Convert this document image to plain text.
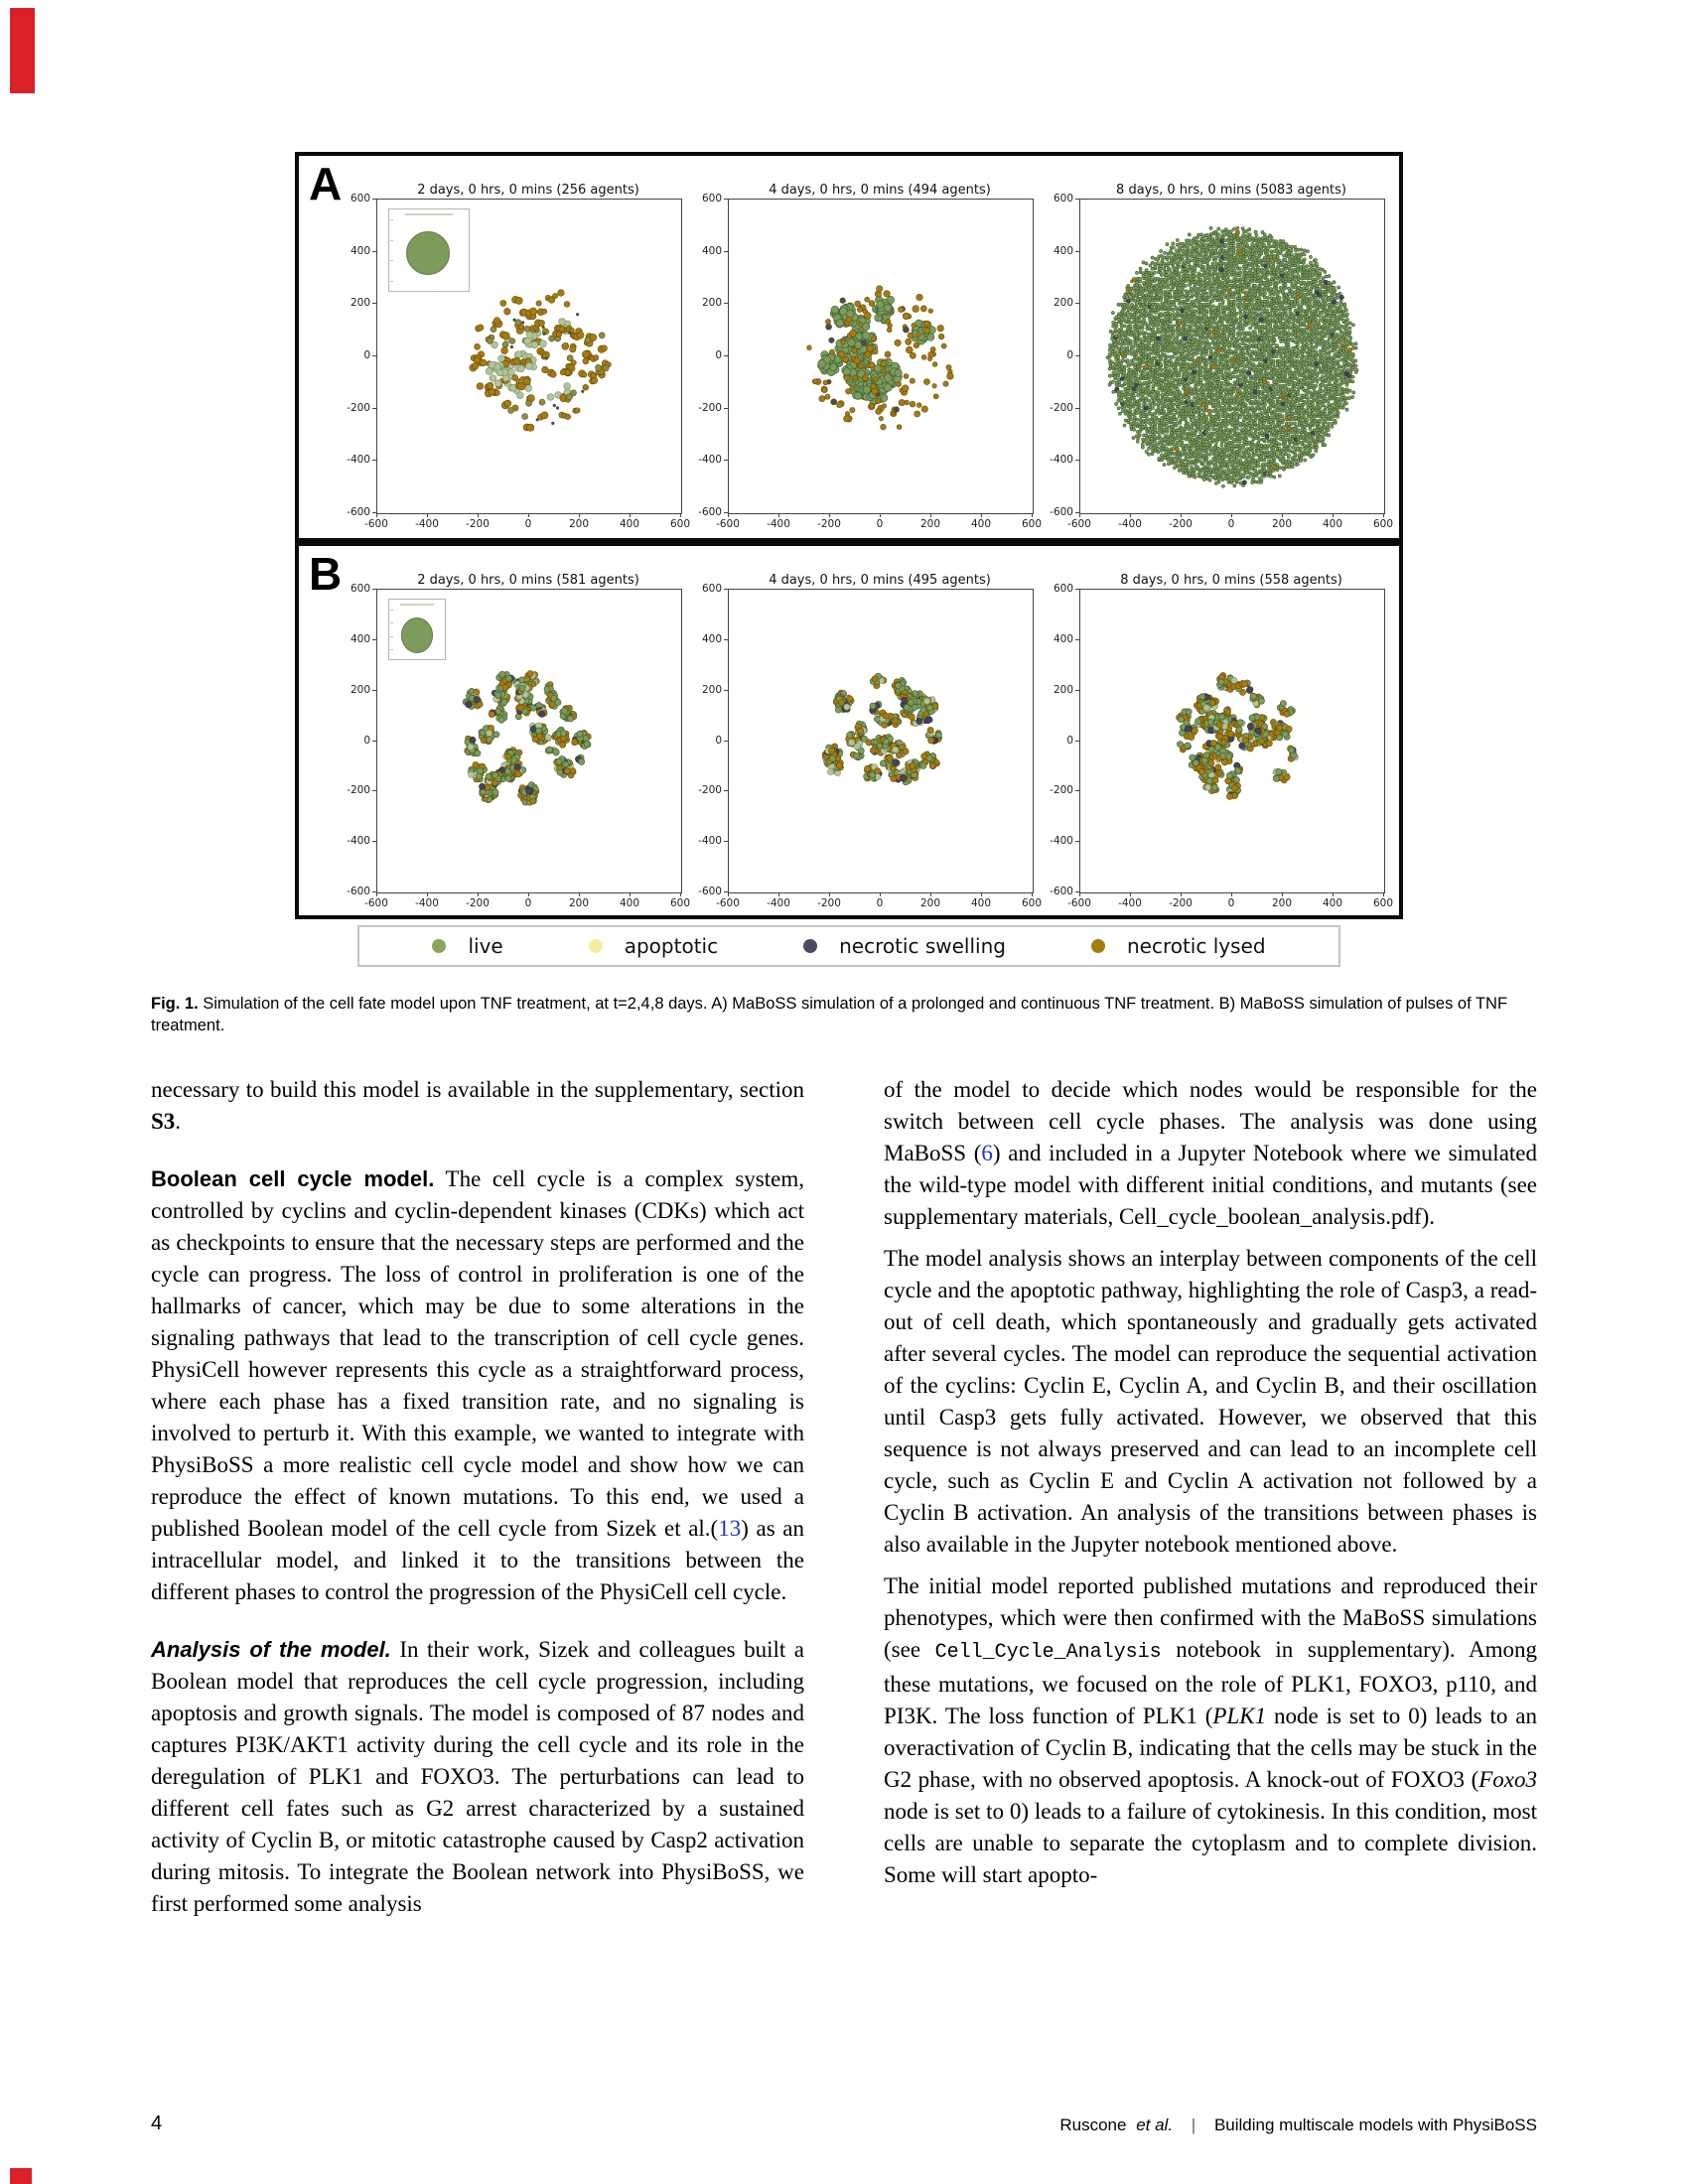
A	2 days, 0 hrs, 0 mins (256 agents)
600
400
200
0
-200
-400
-600
-600	-400	-200	0	200	400	600
4 days, 0 hrs, 0 mins (494 agents)
600
400
200
0
-200
-400
-600
-600	-400	-200	0	200	400	600
8 days, 0 hrs, 0 mins (5083 agents)
600
400
200
0
-200
-400
-600
-600	-400	-200	0	200	400	600
B	2 days, 0 hrs, 0 mins (581 agents)
600
400
200
0
-200
-400
-600
-600	-400	-200	0	200	400	600
4 days, 0 hrs, 0 mins (495 agents)
600
400
200
0
-200
-400
-600
-600	-400	-200	0	200	400	600
8 days, 0 hrs, 0 mins (558 agents)
600
400
200
0
-200
-400
-600
-600	-400	-200	0	200	400	600
live	apoptotic	necrotic swelling	necrotic lysed
Fig. 1. Simulation of the cell fate model upon TNF treatment, at t=2,4,8 days. A) MaBoSS simulation of a prolonged and continuous TNF treatment. B) MaBoSS simulation of pulses of TNF treatment.

necessary to build this model is available in the supplementary, section S3.

Boolean cell cycle model. The cell cycle is a complex system, controlled by cyclins and cyclin-dependent kinases (CDKs) which act as checkpoints to ensure that the necessary steps are performed and the cycle can progress. The loss of control in proliferation is one of the hallmarks of cancer, which may be due to some alterations in the signaling pathways that lead to the transcription of cell cycle genes. PhysiCell however represents this cycle as a straightforward process, where each phase has a fixed transition rate, and no signaling is involved to perturb it. With this example, we wanted to integrate with PhysiBoSS a more realistic cell cycle model and show how we can reproduce the effect of known mutations. To this end, we used a published Boolean model of the cell cycle from Sizek et al.(13) as an intracellular model, and linked it to the transitions between the different phases to control the progression of the PhysiCell cell cycle.

Analysis of the model. In their work, Sizek and colleagues built a Boolean model that reproduces the cell cycle progression, including apoptosis and growth signals. The model is composed of 87 nodes and captures PI3K/AKT1 activity during the cell cycle and its role in the deregulation of PLK1 and FOXO3. The perturbations can lead to different cell fates such as G2 arrest characterized by a sustained activity of Cyclin B, or mitotic catastrophe caused by Casp2 activation during mitosis. To integrate the Boolean network into PhysiBoSS, we first performed some analysis

of the model to decide which nodes would be responsible for the switch between cell cycle phases. The analysis was done using MaBoSS (6) and included in a Jupyter Notebook where we simulated the wild-type model with different initial conditions, and mutants (see supplementary materials, Cell_cycle_boolean_analysis.pdf).

The model analysis shows an interplay between components of the cell cycle and the apoptotic pathway, highlighting the role of Casp3, a read-out of cell death, which spontaneously and gradually gets activated after several cycles. The model can reproduce the sequential activation of the cyclins: Cyclin E, Cyclin A, and Cyclin B, and their oscillation until Casp3 gets fully activated. However, we observed that this sequence is not always preserved and can lead to an incomplete cell cycle, such as Cyclin E and Cyclin A activation not followed by a Cyclin B activation. An analysis of the transitions between phases is also available in the Jupyter notebook mentioned above.

The initial model reported published mutations and reproduced their phenotypes, which were then confirmed with the MaBoSS simulations (see Cell_Cycle_Analysis notebook in supplementary). Among these mutations, we focused on the role of PLK1, FOXO3, p110, and PI3K. The loss function of PLK1 (PLK1 node is set to 0) leads to an overactivation of Cyclin B, indicating that the cells may be stuck in the G2 phase, with no observed apoptosis. A knock-out of FOXO3 (Foxo3 node is set to 0) leads to a failure of cytokinesis. In this condition, most cells are unable to separate the cytoplasm and to complete division. Some will start apopto-

4	Ruscone et al. | Building multiscale models with PhysiBoSS
